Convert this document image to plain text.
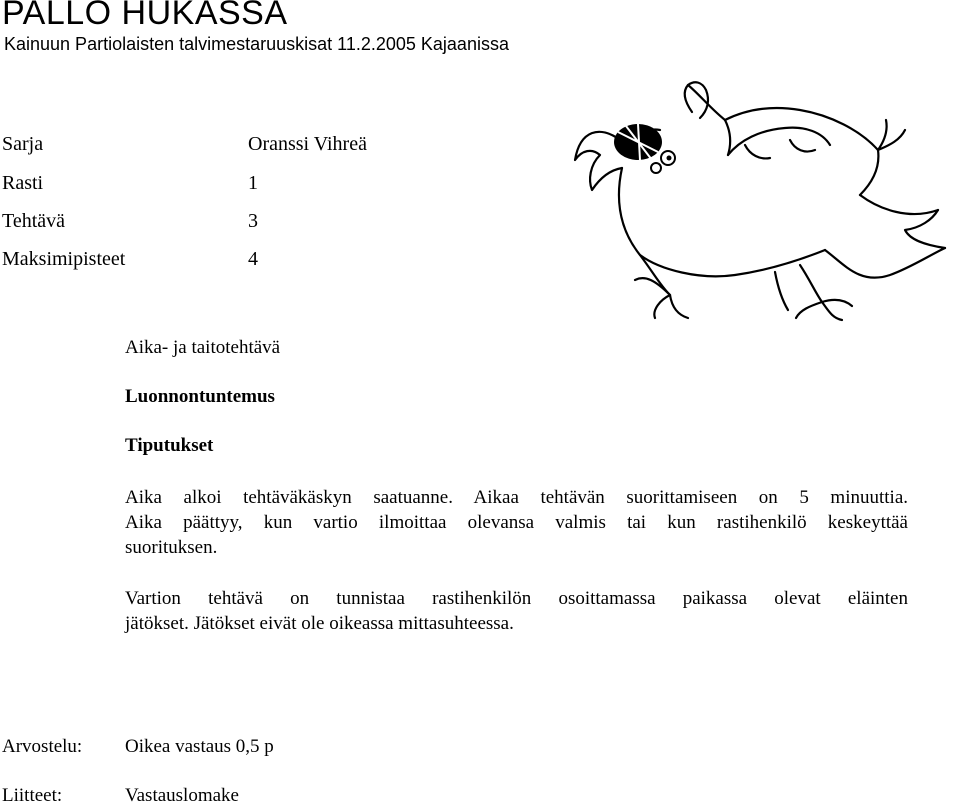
PALLO HUKASSA
Kainuun Partiolaisten talvimestaruuskisat 11.2.2005 Kajaanissa
Sarja	Oranssi Vihreä
Rasti	1
Tehtävä	3
Maksimipisteet	4
Aika- ja taitotehtävä
Luonnontuntemus
Tiputukset
Aika alkoi tehtäväkäskyn saatuanne. Aikaa tehtävän suorittamiseen on 5 minuuttia.
Aika päättyy, kun vartio ilmoittaa olevansa valmis tai kun rastihenkilö keskeyttää
suorituksen.
Vartion tehtävä on tunnistaa rastihenkilön osoittamassa paikassa olevat eläinten
jätökset. Jätökset eivät ole oikeassa mittasuhteessa.
Arvostelu: Oikea vastaus 0,5 p
Liitteet:	Vastauslomake
